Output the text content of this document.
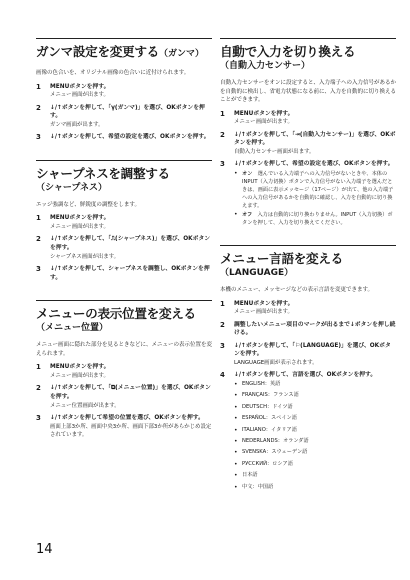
ガンマ設定を変更する（ガンマ）

画像の色合いを、オリジナル画像の色合いに近付けられます。

1 MENUボタンを押す。
メニュー画面が出ます。
2 ↓/↑ボタンを押して、「γ(ガンマ)」を選び、OKボタンを押す。
ガンマ画面が出ます。
3 ↓/↑ボタンを押して、希望の設定を選び、OKボタンを押す。
シャープネスを調整する
（シャープネス）

エッジ強調など、鮮鋭度の調整をします。

1 MENUボタンを押す。
メニュー画面が出ます。
2 ↓/↑ボタンを押して、「⎍(シャープネス)」を選び、OKボタンを押す。
シャープネス画面が出ます。
3 ↓/↑ボタンを押して、シャープネスを調整し、OKボタンを押す。
メニューの表示位置を変える
（メニュー位置）

メニュー画面に隠れた部分を見るときなどに、メニューの表示位置を変えられます。

1 MENUボタンを押す。
メニュー画面が出ます。
2 ↓/↑ボタンを押して、「⧉(メニュー位置)」を選び、OKボタンを押す。
メニュー位置画面が出ます。
3 ↓/↑ボタンを押して希望の位置を選び、OKボタンを押す。
画面上部3か所、画面中央3か所、画面下部3か所があらかじめ設定されています。
自動で入力を切り換える
（自動入力センサー）

自動入力センサーをオンに設定すると、入力端子への入力信号があるかを自動的に検出し、省電力状態になる前に、入力を自動的に切り換えることができます。

1 MENUボタンを押す。
メニュー画面が出ます。
2 ↓/↑ボタンを押して、「⇥(自動入力センサー)」を選び、OKボタンを押す。
自動入力センサー画面が出ます。
3 ↓/↑ボタンを押して、希望の設定を選び、OKボタンを押す。
• オン　 選んでいる入力端子への入力信号がないときや、本体のINPUT（入力切換）ボタンで入力信号がない入力端子を選んだときは、画面に表示メッセージ（17ページ）が出て、他の入力端子への入力信号があるかを自動的に確認し、入力を自動的に切り換えます。
• オフ　 入力は自動的に切り換わりません。INPUT（入力切換）ボタンを押して、入力を切り換えてください。
メニュー言語を変える
（LANGUAGE）

本機のメニュー、メッセージなどの表示言語を変更できます。

1 MENUボタンを押す。
メニュー画面が出ます。
2 調整したいメニュー項目のマークが出るまで↓ボタンを押し続ける。
3 ↓/↑ボタンを押して、「⚐(LANGUAGE)」を選び、OKボタンを押す。
LANGUAGE画面が表示されます。
4 ↓/↑ボタンを押して、言語を選び、OKボタンを押す。
• ENGLISH：英語
• FRANÇAIS：フランス語
• DEUTSCH：ドイツ語
• ESPAÑOL：スペイン語
• ITALIANO：イタリア語
• NEDERLANDS：オランダ語
• SVENSKA：スウェーデン語
• РУССКИЙ：ロシア語
• 日本語
• 中文：中国語
14
